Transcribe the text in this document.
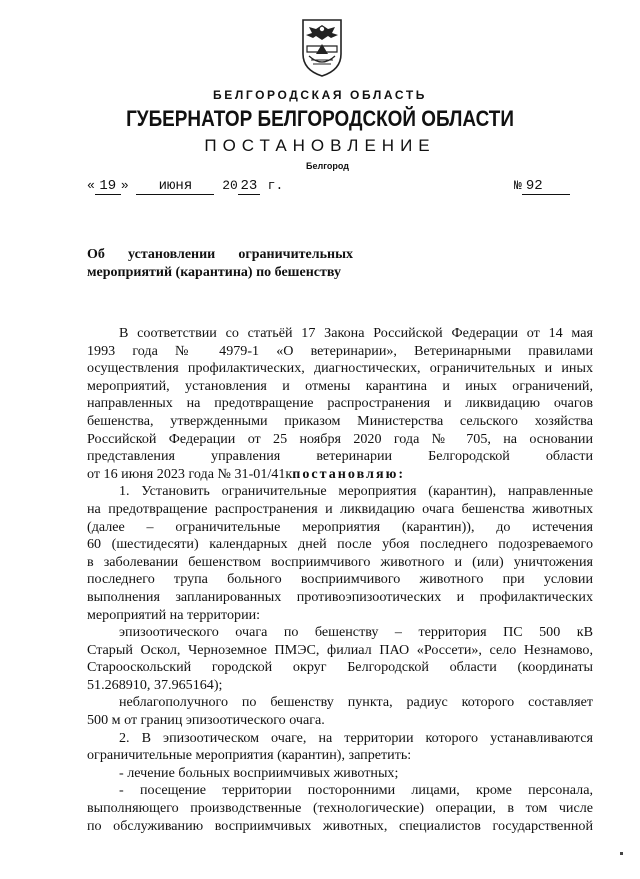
БЕЛГОРОДСКАЯ ОБЛАСТЬ
ГУБЕРНАТОР БЕЛГОРОДСКОЙ ОБЛАСТИ
ПОСТАНОВЛЕНИЕ
Белгород
« 19 » июня 20 23 г.	№ 92
Об установлении ограничительных
мероприятий (карантина) по бешенству
В соответствии со статьёй 17 Закона Российской Федерации от 14 мая
1993 года № 4979-1 «О ветеринарии», Ветеринарными правилами
осуществления профилактических, диагностических, ограничительных и иных
мероприятий, установления и отмены карантина и иных ограничений,
направленных на предотвращение распространения и ликвидацию очагов
бешенства, утвержденными приказом Министерства сельского хозяйства
Российской Федерации от 25 ноября 2020 года № 705, на основании
представления управления ветеринарии Белгородской области
от 16 июня 2023 года № 31-01/41кпостановляю:
1. Установить ограничительные мероприятия (карантин), направленные
на предотвращение распространения и ликвидацию очага бешенства животных
(далее – ограничительные мероприятия (карантин)), до истечения
60 (шестидесяти) календарных дней после убоя последнего подозреваемого
в заболевании бешенством восприимчивого животного и (или) уничтожения
последнего трупа больного восприимчивого животного при условии
выполнения запланированных противоэпизоотических и профилактических
мероприятий на территории:
эпизоотического очага по бешенству – территория ПС 500 кВ
Старый Оскол, Черноземное ПМЭС, филиал ПАО «Россети», село Незнамово,
Старооскольский городской округ Белгородской области (координаты
51.268910, 37.965164);
неблагополучного по бешенству пункта, радиус которого составляет
500 м от границ эпизоотического очага.
2. В эпизоотическом очаге, на территории которого устанавливаются
ограничительные мероприятия (карантин), запретить:
- лечение больных восприимчивых животных;
- посещение территории посторонними лицами, кроме персонала,
выполняющего производственные (технологические) операции, в том числе
по обслуживанию восприимчивых животных, специалистов государственной
